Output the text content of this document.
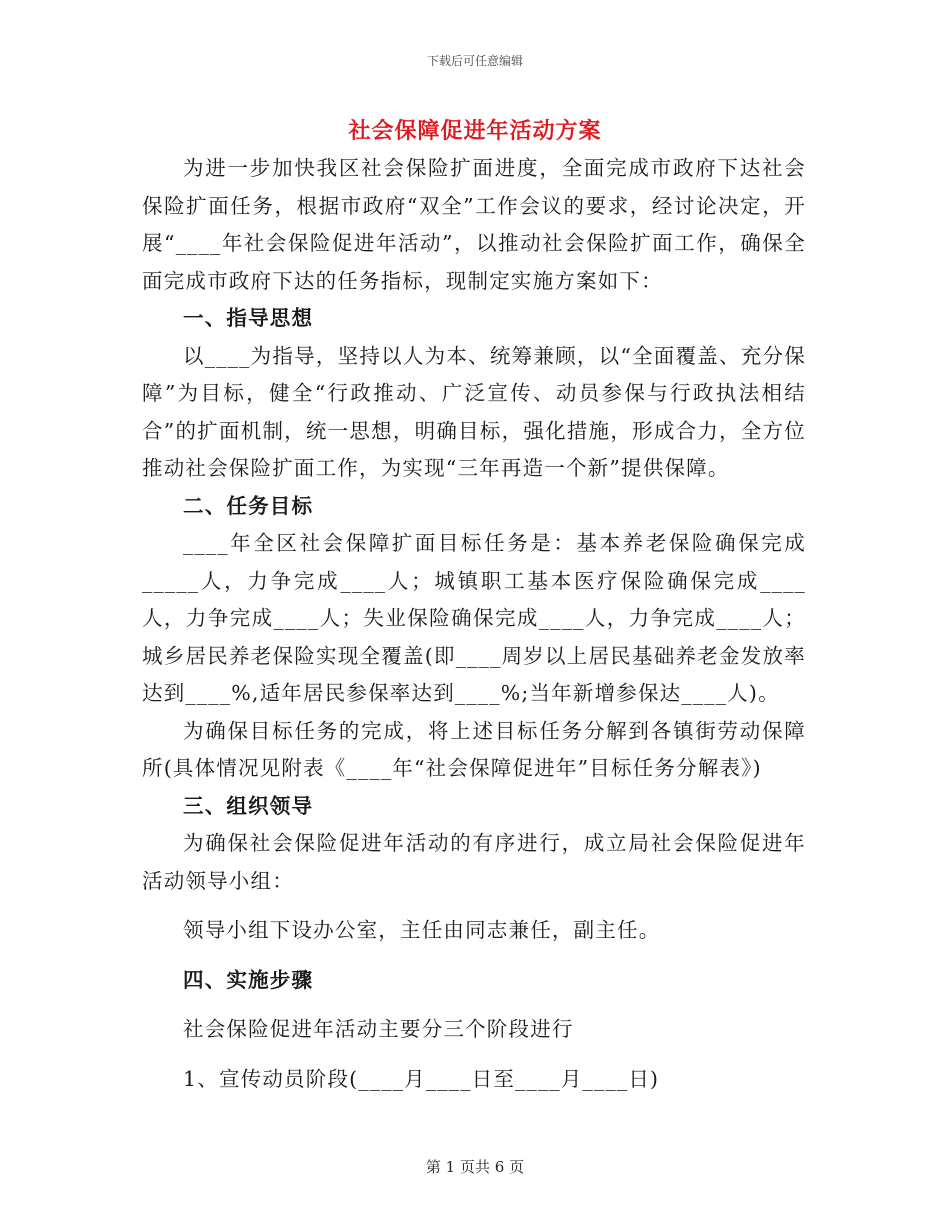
下载后可任意编辑
社会保障促进年活动方案

为进一步加快我区社会保险扩面进度，全面完成市政府下达社会保险扩面任务，根据市政府“双全”工作会议的要求，经讨论决定，开展“____年社会保险促进年活动”，以推动社会保险扩面工作，确保全面完成市政府下达的任务指标，现制定实施方案如下：

一、指导思想

以____为指导，坚持以人为本、统筹兼顾，以“全面覆盖、充分保障”为目标，健全“行政推动、广泛宣传、动员参保与行政执法相结合”的扩面机制，统一思想，明确目标，强化措施，形成合力，全方位推动社会保险扩面工作，为实现“三年再造一个新”提供保障。

二、任务目标

____年全区社会保障扩面目标任务是：基本养老保险确保完成_____人，力争完成____人；城镇职工基本医疗保险确保完成____人，力争完成____人；失业保险确保完成____人，力争完成____人；城乡居民养老保险实现全覆盖(即____周岁以上居民基础养老金发放率达到____%,适年居民参保率达到____%;当年新增参保达____人)。

为确保目标任务的完成，将上述目标任务分解到各镇街劳动保障所(具体情况见附表《____年“社会保障促进年”目标任务分解表》)

三、组织领导

为确保社会保险促进年活动的有序进行，成立局社会保险促进年活动领导小组：

领导小组下设办公室，主任由同志兼任，副主任。

四、实施步骤

社会保险促进年活动主要分三个阶段进行

1、宣传动员阶段(____月____日至____月____日)

第 1 页共 6 页
